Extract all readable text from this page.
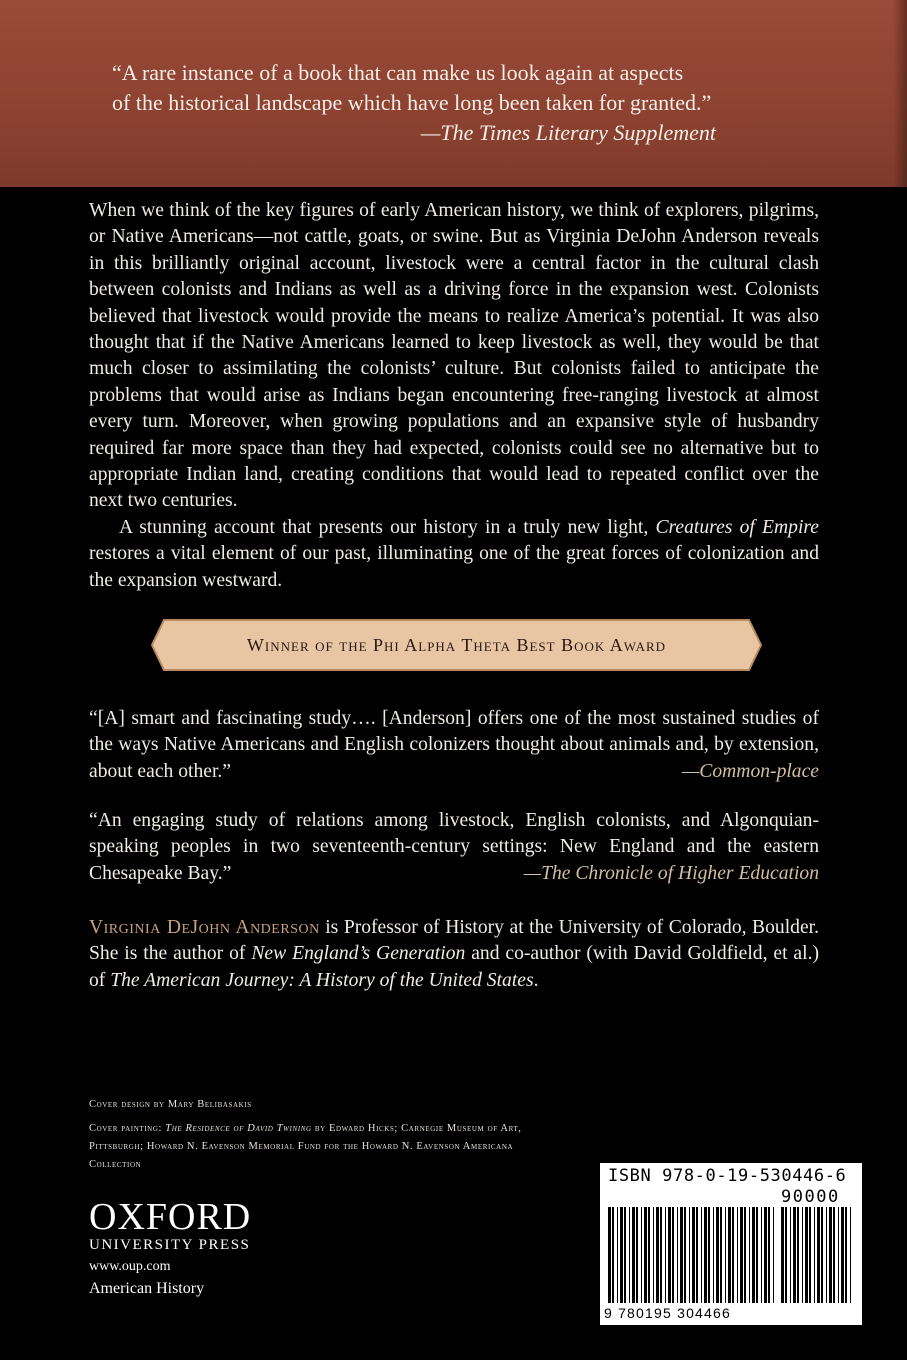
“A rare instance of a book that can make us look again at aspects

of the historical landscape which have long been taken for granted.”

—The Times Literary Supplement

When we think of the key figures of early American history, we think of explorers, pilgrims, or Native Americans—not cattle, goats, or swine. But as Virginia DeJohn Anderson reveals in this brilliantly original account, livestock were a central factor in the cultural clash between colonists and Indians as well as a driving force in the expansion west. Colonists believed that livestock would provide the means to realize America’s potential. It was also thought that if the Native Americans learned to keep livestock as well, they would be that much closer to assimilating the colonists’ culture. But colonists failed to anticipate the problems that would arise as Indians began encountering free-ranging livestock at almost every turn. Moreover, when growing populations and an expansive style of husbandry required far more space than they had expected, colonists could see no alternative but to appropriate Indian land, creating conditions that would lead to repeated conflict over the next two centuries.

A stunning account that presents our history in a truly new light, Creatures of Empire restores a vital element of our past, illuminating one of the great forces of colonization and the expansion westward.

Winner of the Phi Alpha Theta Best Book Award

“[A] smart and fascinating study…. [Anderson] offers one of the most sustained studies of the ways Native Americans and English colonizers thought about animals and, by extension, about each other.”	—Common-place

“An engaging study of relations among livestock, English colonists, and Algonquian-speaking peoples in two seventeenth-century settings: New England and the eastern Chesapeake Bay.”	—The Chronicle of Higher Education

Virginia DeJohn Anderson is Professor of History at the University of Colorado, Boulder. She is the author of New England’s Generation and co-author (with David Goldfield, et al.) of The American Journey: A History of the United States.

Cover design by Mary Belibasakis

Cover painting: The Residence of David Twining by Edward Hicks; Carnegie Museum of Art, Pittsburgh; Howard N. Eavenson Memorial Fund for the Howard N. Eavenson Americana Collection

OXFORD
UNIVERSITY PRESS
www.oup.com
American History
ISBN 978-0-19-530446-6
90000
9 780195 304466
